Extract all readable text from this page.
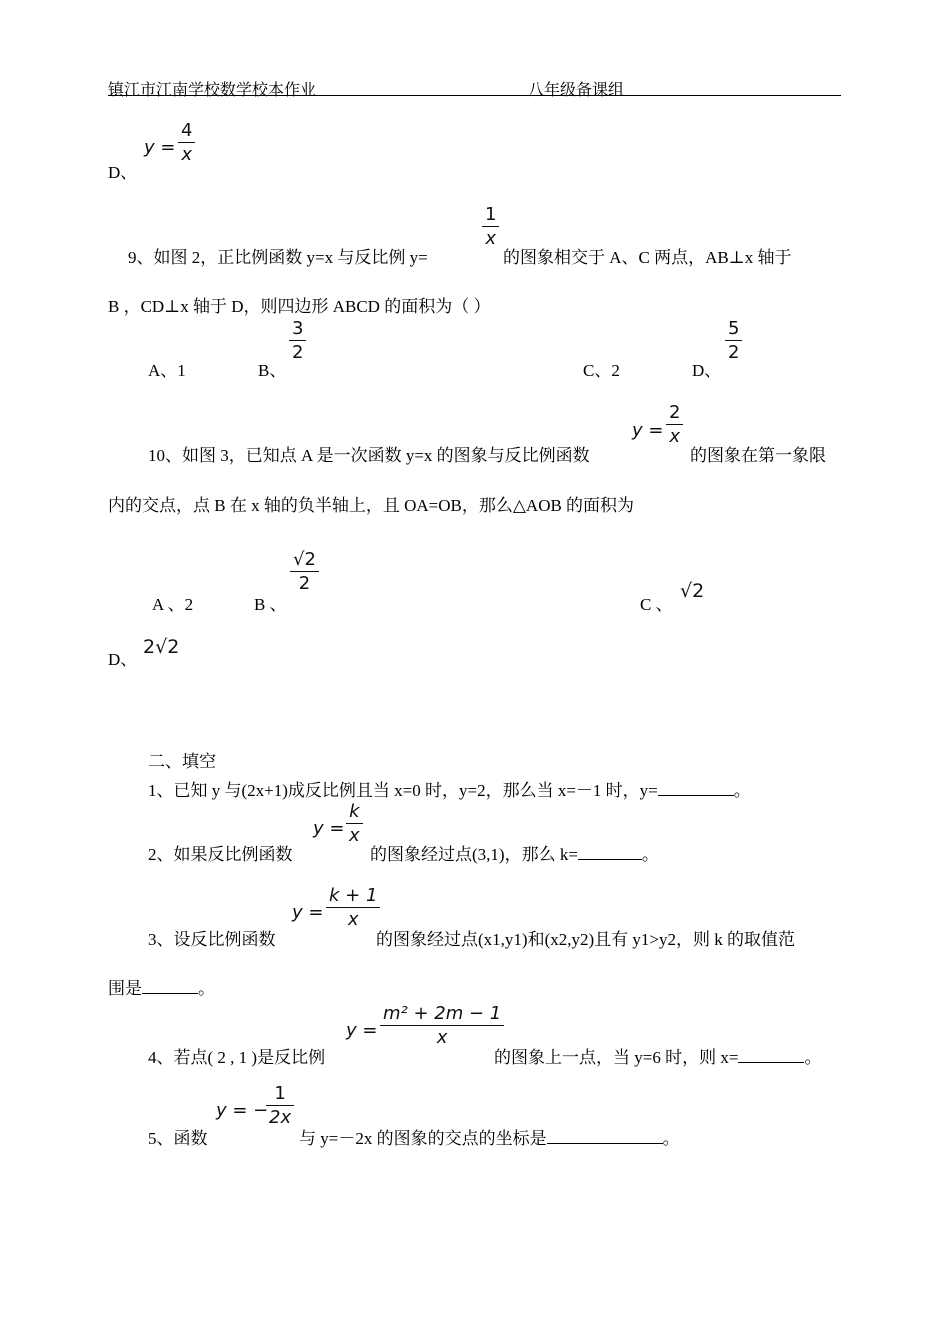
镇江市江南学校数学校本作业	八年级备课组
D、
y =
4
x
9、如图 2，正比例函数 y=x 与反比例 y=
1
x
的图象相交于 A、C 两点，AB⊥x 轴于
B ，CD⊥x 轴于 D，则四边形 ABCD 的面积为（ ）
A、1	B、
3
2
C、2	D、
5
2
10、如图 3，已知点 A 是一次函数 y=x 的图象与反比例函数
y =
2
x
的图象在第一象限
内的交点，点 B 在 x 轴的负半轴上，且 OA=OB，那么△AOB 的面积为
A 、2	B 、
√2
2
C 、
√2
D、
2√2
二、填空
1、已知 y 与(2x+1)成反比例且当 x=0 时，y=2，那么当 x=－1 时，y=	。
2、如果反比例函数
y =
k
x
的图象经过点(3,1)，那么 k=	。
3、设反比例函数
y =
k + 1
x
的图象经过点(x1,y1)和(x2,y2)且有 y1>y2，则 k 的取值范
围是	。
4、若点( 2 , 1 )是反比例
y =
m² + 2m − 1
x
的图象上一点，当 y=6 时，则 x=	。
5、函数
y = −
1
2x
与 y=－2x 的图象的交点的坐标是	。
